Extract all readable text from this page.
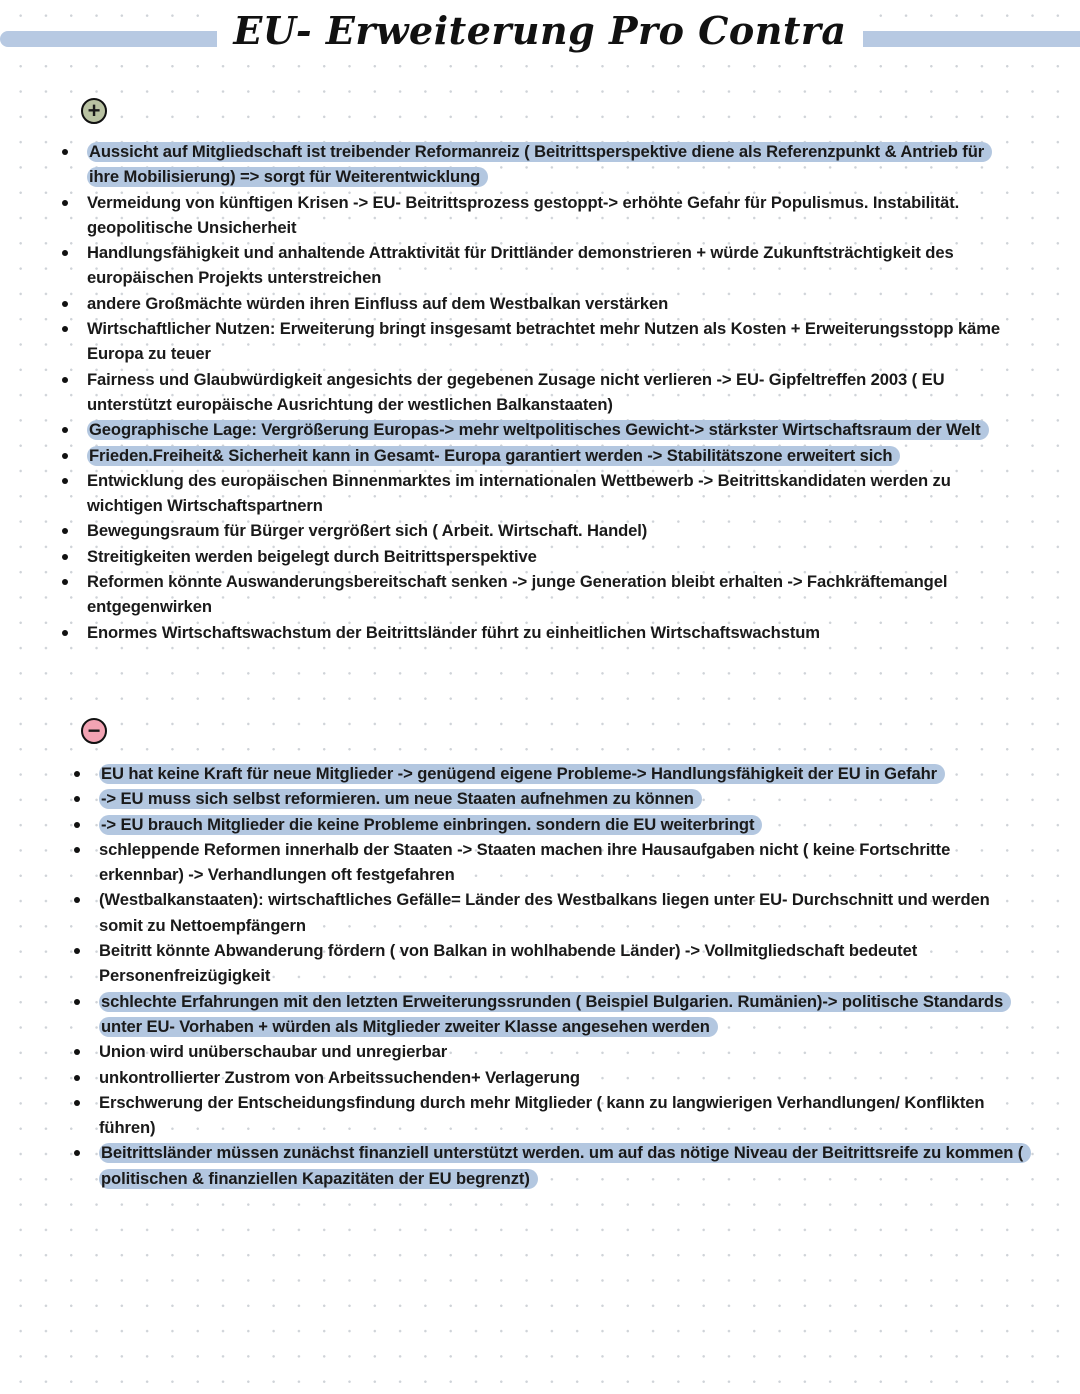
EU- Erweiterung Pro Contra
+
Aussicht auf Mitgliedschaft ist treibender Reformanreiz ( Beitrittsperspektive diene als Referenzpunkt & Antrieb für ihre Mobilisierung) => sorgt für Weiterentwicklung
Vermeidung von künftigen Krisen -> EU- Beitrittsprozess gestoppt-> erhöhte Gefahr für Populismus. Instabilität. geopolitische Unsicherheit
Handlungsfähigkeit und anhaltende Attraktivität für Drittländer demonstrieren + würde Zukunftsträchtigkeit des europäischen Projekts unterstreichen
andere Großmächte würden ihren Einfluss auf dem Westbalkan verstärken
Wirtschaftlicher Nutzen: Erweiterung bringt insgesamt betrachtet mehr Nutzen als Kosten + Erweiterungsstopp käme Europa zu teuer
Fairness und Glaubwürdigkeit angesichts der gegebenen Zusage nicht verlieren -> EU- Gipfeltreffen 2003 ( EU unterstützt europäische Ausrichtung der westlichen Balkanstaaten)
Geographische Lage: Vergrößerung Europas-> mehr weltpolitisches Gewicht-> stärkster Wirtschaftsraum der Welt
Frieden.Freiheit& Sicherheit kann in Gesamt- Europa garantiert werden -> Stabilitätszone erweitert sich
Entwicklung des europäischen Binnenmarktes im internationalen Wettbewerb -> Beitrittskandidaten werden zu wichtigen Wirtschaftspartnern
Bewegungsraum für Bürger vergrößert sich ( Arbeit. Wirtschaft. Handel)
Streitigkeiten werden beigelegt durch Beitrittsperspektive
Reformen könnte Auswanderungsbereitschaft senken -> junge Generation bleibt erhalten -> Fachkräftemangel entgegenwirken
Enormes Wirtschaftswachstum der Beitrittsländer führt zu einheitlichen Wirtschaftswachstum
−
EU hat keine Kraft für neue Mitglieder -> genügend eigene Probleme-> Handlungsfähigkeit der EU in Gefahr
-> EU muss sich selbst reformieren. um neue Staaten aufnehmen zu können
-> EU brauch Mitglieder die keine Probleme einbringen. sondern die EU weiterbringt
schleppende Reformen innerhalb der Staaten -> Staaten machen ihre Hausaufgaben nicht ( keine Fortschritte erkennbar) -> Verhandlungen oft festgefahren
(Westbalkanstaaten): wirtschaftliches Gefälle= Länder des Westbalkans liegen unter EU- Durchschnitt und werden somit zu Nettoempfängern
Beitritt könnte Abwanderung fördern ( von Balkan in wohlhabende Länder) -> Vollmitgliedschaft bedeutet Personenfreizügigkeit
schlechte Erfahrungen mit den letzten Erweiterungssrunden ( Beispiel Bulgarien. Rumänien)-> politische Standards unter EU- Vorhaben + würden als Mitglieder zweiter Klasse angesehen werden
Union wird unüberschaubar und unregierbar
unkontrollierter Zustrom von Arbeitssuchenden+ Verlagerung
Erschwerung der Entscheidungsfindung durch mehr Mitglieder ( kann zu langwierigen Verhandlungen/ Konflikten führen)
Beitrittsländer müssen zunächst finanziell unterstützt werden. um auf das nötige Niveau der Beitrittsreife zu kommen ( politischen & finanziellen Kapazitäten der EU begrenzt)
